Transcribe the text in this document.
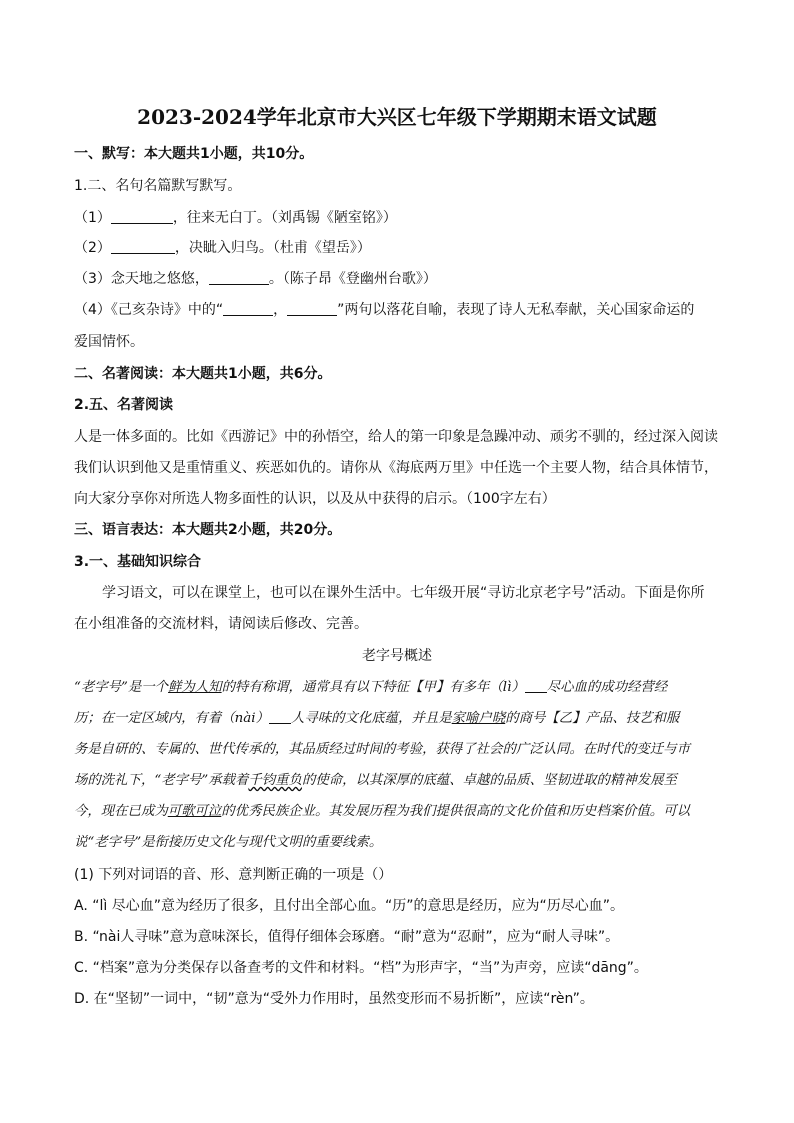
2023-2024学年北京市大兴区七年级下学期期末语文试题
一、默写：本大题共1小题，共10分。
1.二、名句名篇默写默写。
（1）	，往来无白丁。（刘禹锡《陋室铭》）
（2）	，决眦入归鸟。（杜甫《望岳》）
（3）念天地之悠悠，	。（陈子昂《登幽州台歌》）
（4）《己亥杂诗》中的“	，	”两句以落花自喻，表现了诗人无私奉献，关心国家命运的
爱国情怀。
二、名著阅读：本大题共1小题，共6分。
2.五、名著阅读
人是一体多面的。比如《西游记》中的孙悟空，给人的第一印象是急躁冲动、顽劣不驯的，经过深入阅读
我们认识到他又是重情重义、疾恶如仇的。请你从《海底两万里》中任选一个主要人物，结合具体情节，
向大家分享你对所选人物多面性的认识，以及从中获得的启示。（100字左右）
三、语言表达：本大题共2小题，共20分。
3.一、基础知识综合
学习语文，可以在课堂上，也可以在课外生活中。七年级开展“寻访北京老字号”活动。下面是你所
在小组准备的交流材料，请阅读后修改、完善。
老字号概述
“老字号”是一个鲜为人知的特有称谓，通常具有以下特征【甲】有多年（lì） 尽心血的成功经营经
历；在一定区域内，有着（nài） 人寻味的文化底蕴，并且是家喻户晓的商号【乙】产品、技艺和服
务是自研的、专属的、世代传承的，其品质经过时间的考验，获得了社会的广泛认同。在时代的变迁与市
场的洗礼下，“老字号”承载着千钧重负的使命，以其深厚的底蕴、卓越的品质、坚韧进取的精神发展至
今，现在已成为可歌可泣的优秀民族企业。其发展历程为我们提供很高的文化价值和历史档案价值。可以
说“老字号”是衔接历史文化与现代文明的重要线索。
(1) 下列对词语的音、形、意判断正确的一项是（）
A. “lì 尽心血”意为经历了很多，且付出全部心血。“历”的意思是经历，应为“历尽心血”。
B. “nài人寻味”意为意味深长，值得仔细体会琢磨。“耐”意为“忍耐”，应为“耐人寻味”。
C. “档案”意为分类保存以备查考的文件和材料。“档”为形声字，“当”为声旁，应读“dāng”。
D. 在“坚韧”一词中，“韧”意为“受外力作用时，虽然变形而不易折断”，应读“rèn”。
